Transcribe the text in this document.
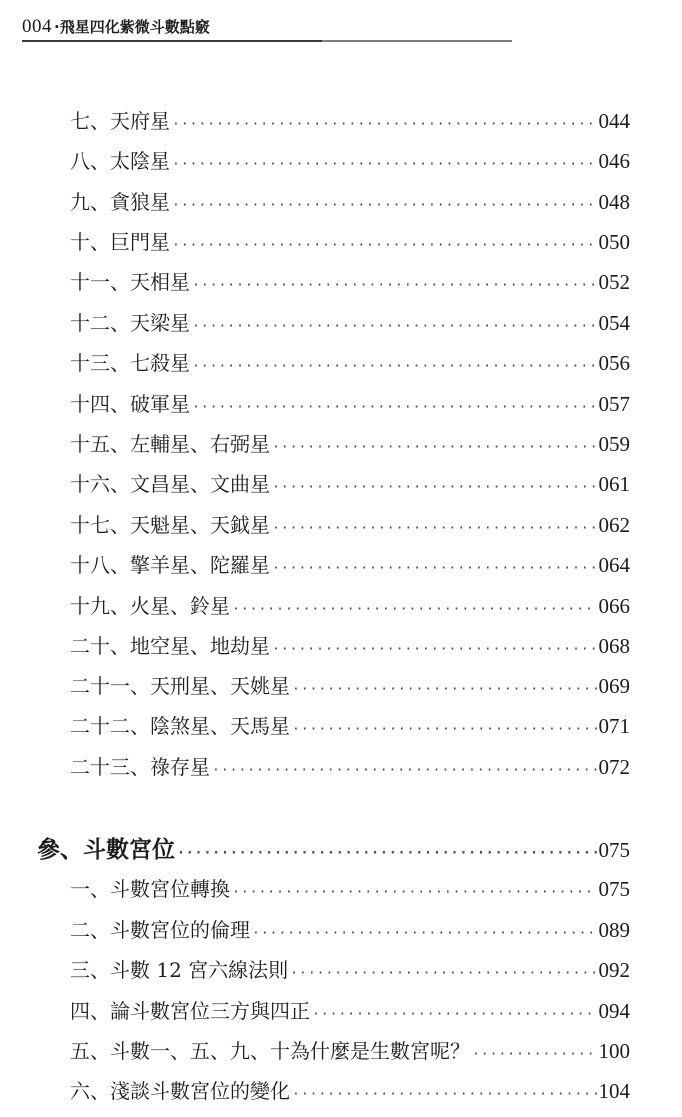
004 ·飛星四化紫微斗數點竅
七、天府星 ·····	044
八、太陰星 ·····	046
九、貪狼星 ·····	048
十、巨門星 ·····	050
十一、天相星 ·····	052
十二、天梁星 ·····	054
十三、七殺星 ·····	056
十四、破軍星 ·····	057
十五、左輔星、右弼星 ·····	059
十六、文昌星、文曲星 ·····	061
十七、天魁星、天鉞星 ·····	062
十八、擎羊星、陀羅星 ·····	064
十九、火星、鈴星 ·····	066
二十、地空星、地劫星 ·····	068
二十一、天刑星、天姚星 ·····	069
二十二、陰煞星、天馬星 ·····	071
二十三、祿存星 ·····	072
參、斗數宮位 ·····	075
一、斗數宮位轉換 ·····	075
二、斗數宮位的倫理 ·····	089
三、斗數 12 宮六線法則 ·····	092
四、論斗數宮位三方與四正 ·····	094
五、斗數一、五、九、十為什麼是生數宮呢？ ·····	100
六、淺談斗數宮位的變化 ·····	104
